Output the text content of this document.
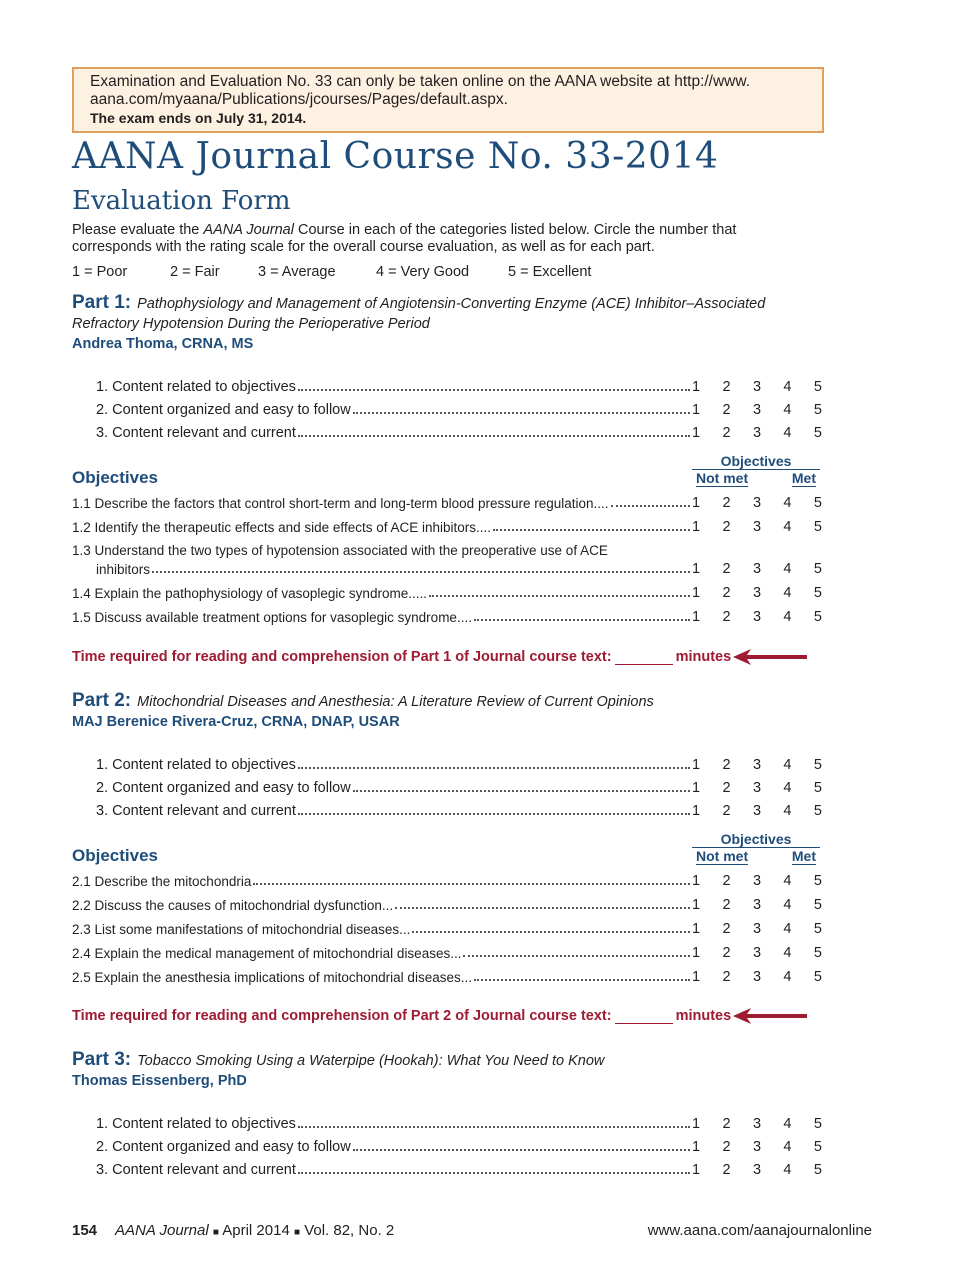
Examination and Evaluation No. 33 can only be taken online on the AANA website at http://www.
aana.com/myaana/Publications/jcourses/Pages/default.aspx.
The exam ends on July 31, 2014.
AANA Journal Course No. 33-2014
Evaluation Form
Please evaluate the AANA Journal Course in each of the categories listed below. Circle the number that corresponds with the rating scale for the overall course evaluation, as well as for each part.
1 = Poor	2 = Fair	3 = Average	4 = Very Good	5 = Excellent
Part 1: Pathophysiology and Management of Angiotensin-Converting Enzyme (ACE) Inhibitor–Associated Refractory Hypotension During the Perioperative Period
Andrea Thoma, CRNA, MS
1. Content related to objectives	1 2 3 4 5
2. Content organized and easy to follow	1 2 3 4 5
3. Content relevant and current	1 2 3 4 5
Objectives
Objectives
Not met	Met
1.1 Describe the factors that control short-term and long-term blood pressure regulation....	1 2 3 4 5
1.2 Identify the therapeutic effects and side effects of ACE inhibitors....	1 2 3 4 5
1.3 Understand the two types of hypotension associated with the preoperative use of ACE
inhibitors	1 2 3 4 5
1.4 Explain the pathophysiology of vasoplegic syndrome.....	1 2 3 4 5
1.5 Discuss available treatment options for vasoplegic syndrome....	1 2 3 4 5
Time required for reading and comprehension of Part 1 of Journal course text:	minutes
Part 2: Mitochondrial Diseases and Anesthesia: A Literature Review of Current Opinions
MAJ Berenice Rivera-Cruz, CRNA, DNAP, USAR
1. Content related to objectives	1 2 3 4 5
2. Content organized and easy to follow	1 2 3 4 5
3. Content relevant and current	1 2 3 4 5
Objectives
Objectives
Not met	Met
2.1 Describe the mitochondria	1 2 3 4 5
2.2 Discuss the causes of mitochondrial dysfunction...	1 2 3 4 5
2.3 List some manifestations of mitochondrial diseases...	1 2 3 4 5
2.4 Explain the medical management of mitochondrial diseases...	1 2 3 4 5
2.5 Explain the anesthesia implications of mitochondrial diseases...	1 2 3 4 5
Time required for reading and comprehension of Part 2 of Journal course text:	minutes
Part 3: Tobacco Smoking Using a Waterpipe (Hookah): What You Need to Know
Thomas Eissenberg, PhD
1. Content related to objectives	1 2 3 4 5
2. Content organized and easy to follow	1 2 3 4 5
3. Content relevant and current	1 2 3 4 5
154 AANA Journal ■ April 2014 ■ Vol. 82, No. 2	www.aana.com/aanajournalonline
